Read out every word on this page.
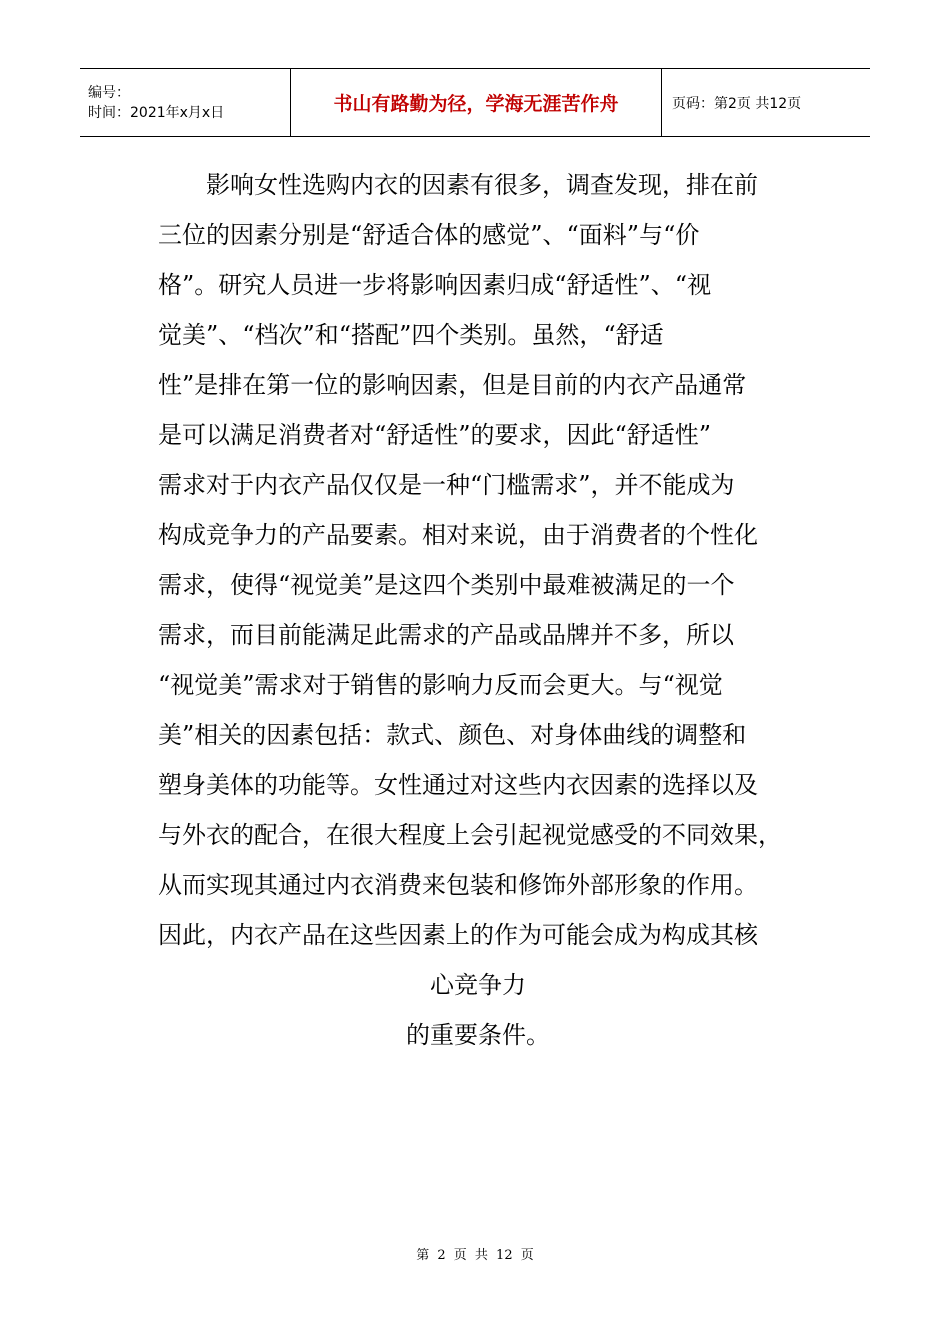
编号：
时间：2021年x月x日	书山有路勤为径，学海无涯苦作舟	页码：第2页 共12页
影响女性选购内衣的因素有很多，调查发现，排在前
三位的因素分别是“舒适合体的感觉”、“面料”与“价
格”。研究人员进一步将影响因素归成“舒适性”、“视
觉美”、“档次”和“搭配”四个类别。虽然，“舒适
性”是排在第一位的影响因素，但是目前的内衣产品通常
是可以满足消费者对“舒适性”的要求，因此“舒适性”
需求对于内衣产品仅仅是一种“门槛需求”，并不能成为
构成竞争力的产品要素。相对来说，由于消费者的个性化
需求，使得“视觉美”是这四个类别中最难被满足的一个
需求，而目前能满足此需求的产品或品牌并不多，所以
“视觉美”需求对于销售的影响力反而会更大。与“视觉
美”相关的因素包括：款式、颜色、对身体曲线的调整和
塑身美体的功能等。女性通过对这些内衣因素的选择以及
与外衣的配合，在很大程度上会引起视觉感受的不同效果，
从而实现其通过内衣消费来包装和修饰外部形象的作用。
因此，内衣产品在这些因素上的作为可能会成为构成其核
心竞争力
的重要条件。
第 2 页 共 12 页
